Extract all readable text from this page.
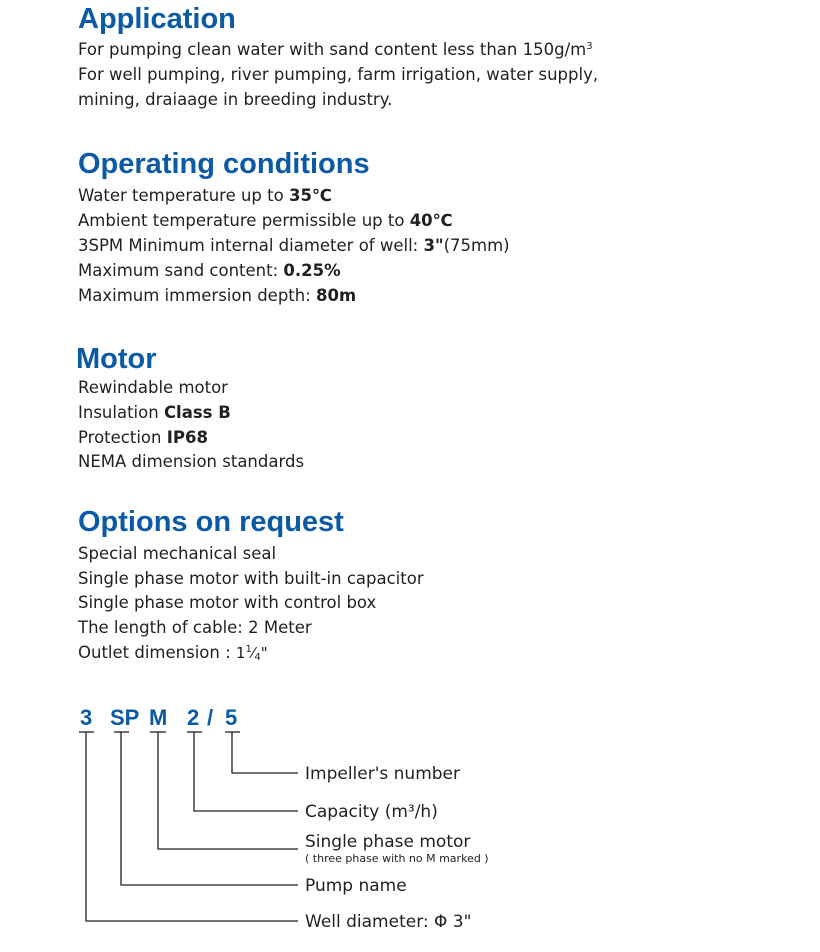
Application
For pumping clean water with sand content less than $150g/m^3$
For well pumping, river pumping, farm irrigation, water supply,
mining, draiaage in breeding industry.
Operating conditions
Water temperature up to 35℃
Ambient temperature permissible up to 40℃
3SPM Minimum internal diameter of well: 3"(75mm)
Maximum sand content: 0.25%
Maximum immersion depth: 80m
Motor
Rewindable motor
Insulation Class B
Protection IP68
NEMA dimension standards
Options on request
Special mechanical seal
Single phase motor with built-in capacitor
Single phase motor with control box
The length of cable: 2 Meter
Outlet dimension : $1^1⁄_4$"
3 SP M 2 / 5
Impeller's number
Capacity (m³/h)
Single phase motor
( three phase with no M marked )
Pump name
Well diameter: Φ 3"
